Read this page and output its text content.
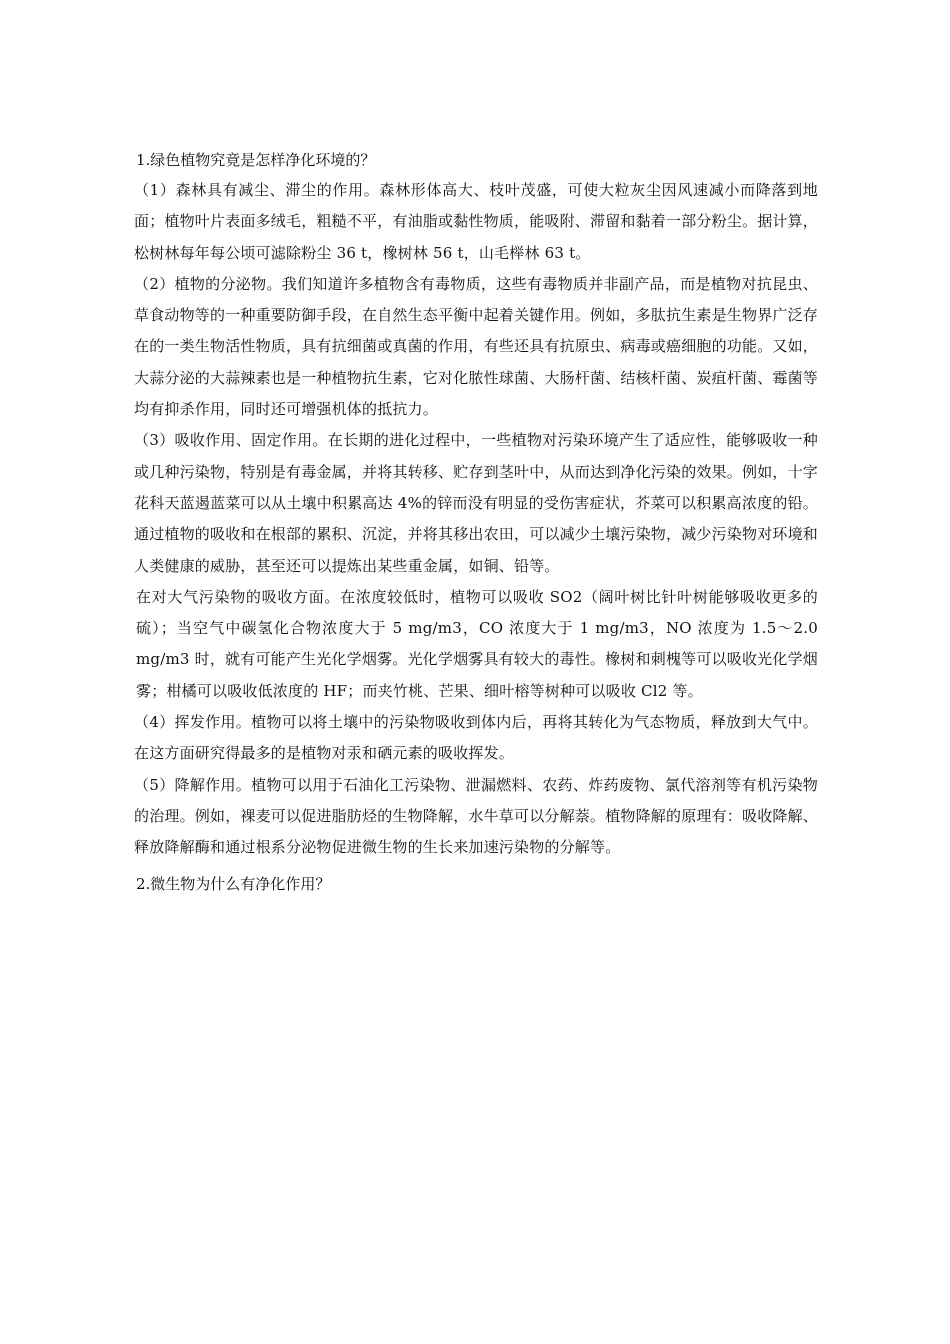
1.绿色植物究竟是怎样净化环境的？

（1）森林具有减尘、滞尘的作用。森林形体高大、枝叶茂盛，可使大粒灰尘因风速减小而降落到地面；植物叶片表面多绒毛，粗糙不平，有油脂或黏性物质，能吸附、滞留和黏着一部分粉尘。据计算，松树林每年每公顷可滤除粉尘 36 t，橡树林 56 t，山毛榉林 63 t。

（2）植物的分泌物。我们知道许多植物含有毒物质，这些有毒物质并非副产品，而是植物对抗昆虫、草食动物等的一种重要防御手段，在自然生态平衡中起着关键作用。例如，多肽抗生素是生物界广泛存在的一类生物活性物质，具有抗细菌或真菌的作用，有些还具有抗原虫、病毒或癌细胞的功能。又如，大蒜分泌的大蒜辣素也是一种植物抗生素，它对化脓性球菌、大肠杆菌、结核杆菌、炭疽杆菌、霉菌等均有抑杀作用，同时还可增强机体的抵抗力。

（3）吸收作用、固定作用。在长期的进化过程中，一些植物对污染环境产生了适应性，能够吸收一种或几种污染物，特别是有毒金属，并将其转移、贮存到茎叶中，从而达到净化污染的效果。例如，十字花科天蓝遏蓝菜可以从土壤中积累高达 4%的锌而没有明显的受伤害症状，芥菜可以积累高浓度的铅。通过植物的吸收和在根部的累积、沉淀，并将其移出农田，可以减少土壤污染物，减少污染物对环境和人类健康的威胁，甚至还可以提炼出某些重金属，如铜、铅等。

在对大气污染物的吸收方面。在浓度较低时，植物可以吸收 SO2（阔叶树比针叶树能够吸收更多的硫）；当空气中碳氢化合物浓度大于 5 mg/m3，CO 浓度大于 1 mg/m3，NO 浓度为 1.5～2.0 mg/m3 时，就有可能产生光化学烟雾。光化学烟雾具有较大的毒性。橡树和刺槐等可以吸收光化学烟雾；柑橘可以吸收低浓度的 HF；而夹竹桃、芒果、细叶榕等树种可以吸收 Cl2 等。

（4）挥发作用。植物可以将土壤中的污染物吸收到体内后，再将其转化为气态物质，释放到大气中。在这方面研究得最多的是植物对汞和硒元素的吸收挥发。

（5）降解作用。植物可以用于石油化工污染物、泄漏燃料、农药、炸药废物、氯代溶剂等有机污染物的治理。例如，裸麦可以促进脂肪烃的生物降解，水牛草可以分解萘。植物降解的原理有：吸收降解、释放降解酶和通过根系分泌物促进微生物的生长来加速污染物的分解等。

2.微生物为什么有净化作用？
